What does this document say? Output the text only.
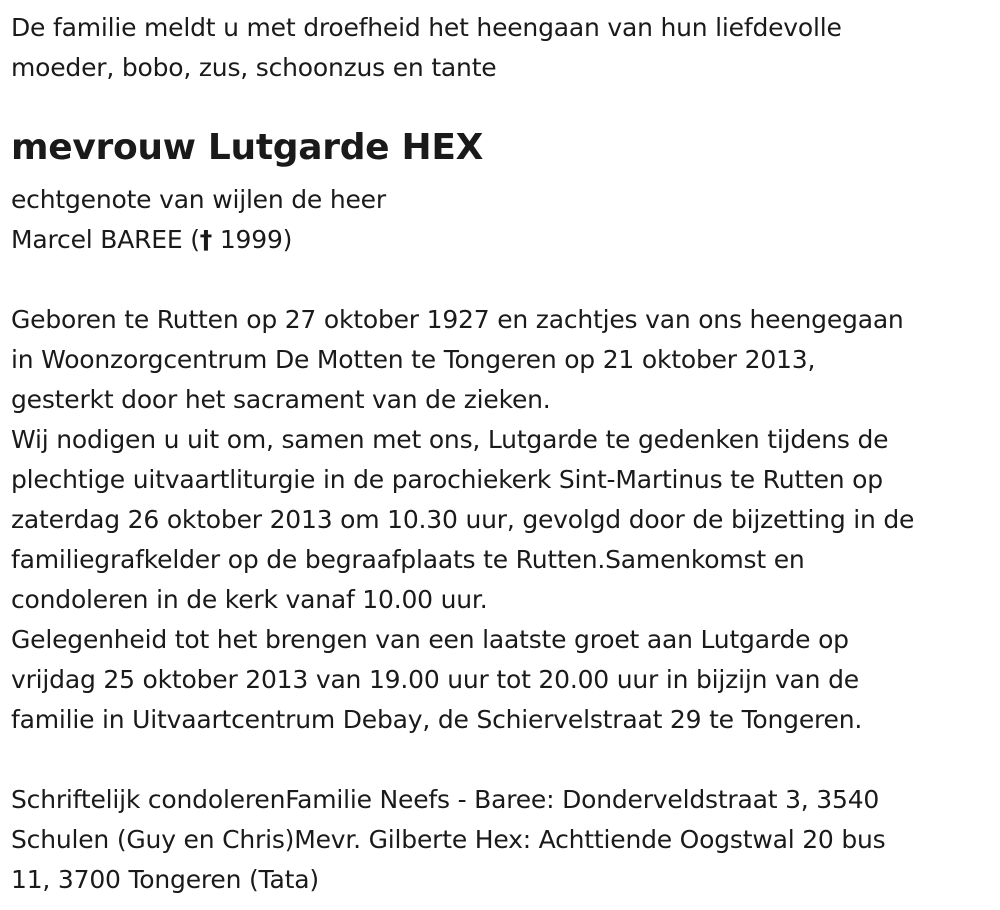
De familie meldt u met droefheid het heengaan van hun liefdevolle
moeder, bobo, zus, schoonzus en tante
mevrouw Lutgarde HEX
echtgenote van wijlen de heer
Marcel BAREE († 1999)
Geboren te Rutten op 27 oktober 1927 en zachtjes van ons heengegaan
in Woonzorgcentrum De Motten te Tongeren op 21 oktober 2013,
gesterkt door het sacrament van de zieken.
Wij nodigen u uit om, samen met ons, Lutgarde te gedenken tijdens de
plechtige uitvaartliturgie in de parochiekerk Sint-Martinus te Rutten op
zaterdag 26 oktober 2013 om 10.30 uur, gevolgd door de bijzetting in de
familiegrafkelder op de begraafplaats te Rutten.Samenkomst en
condoleren in de kerk vanaf 10.00 uur.
Gelegenheid tot het brengen van een laatste groet aan Lutgarde op
vrijdag 25 oktober 2013 van 19.00 uur tot 20.00 uur in bijzijn van de
familie in Uitvaartcentrum Debay, de Schiervelstraat 29 te Tongeren.
Schriftelijk condolerenFamilie Neefs - Baree: Donderveldstraat 3, 3540
Schulen (Guy en Chris)Mevr. Gilberte Hex: Achttiende Oogstwal 20 bus
11, 3700 Tongeren (Tata)
